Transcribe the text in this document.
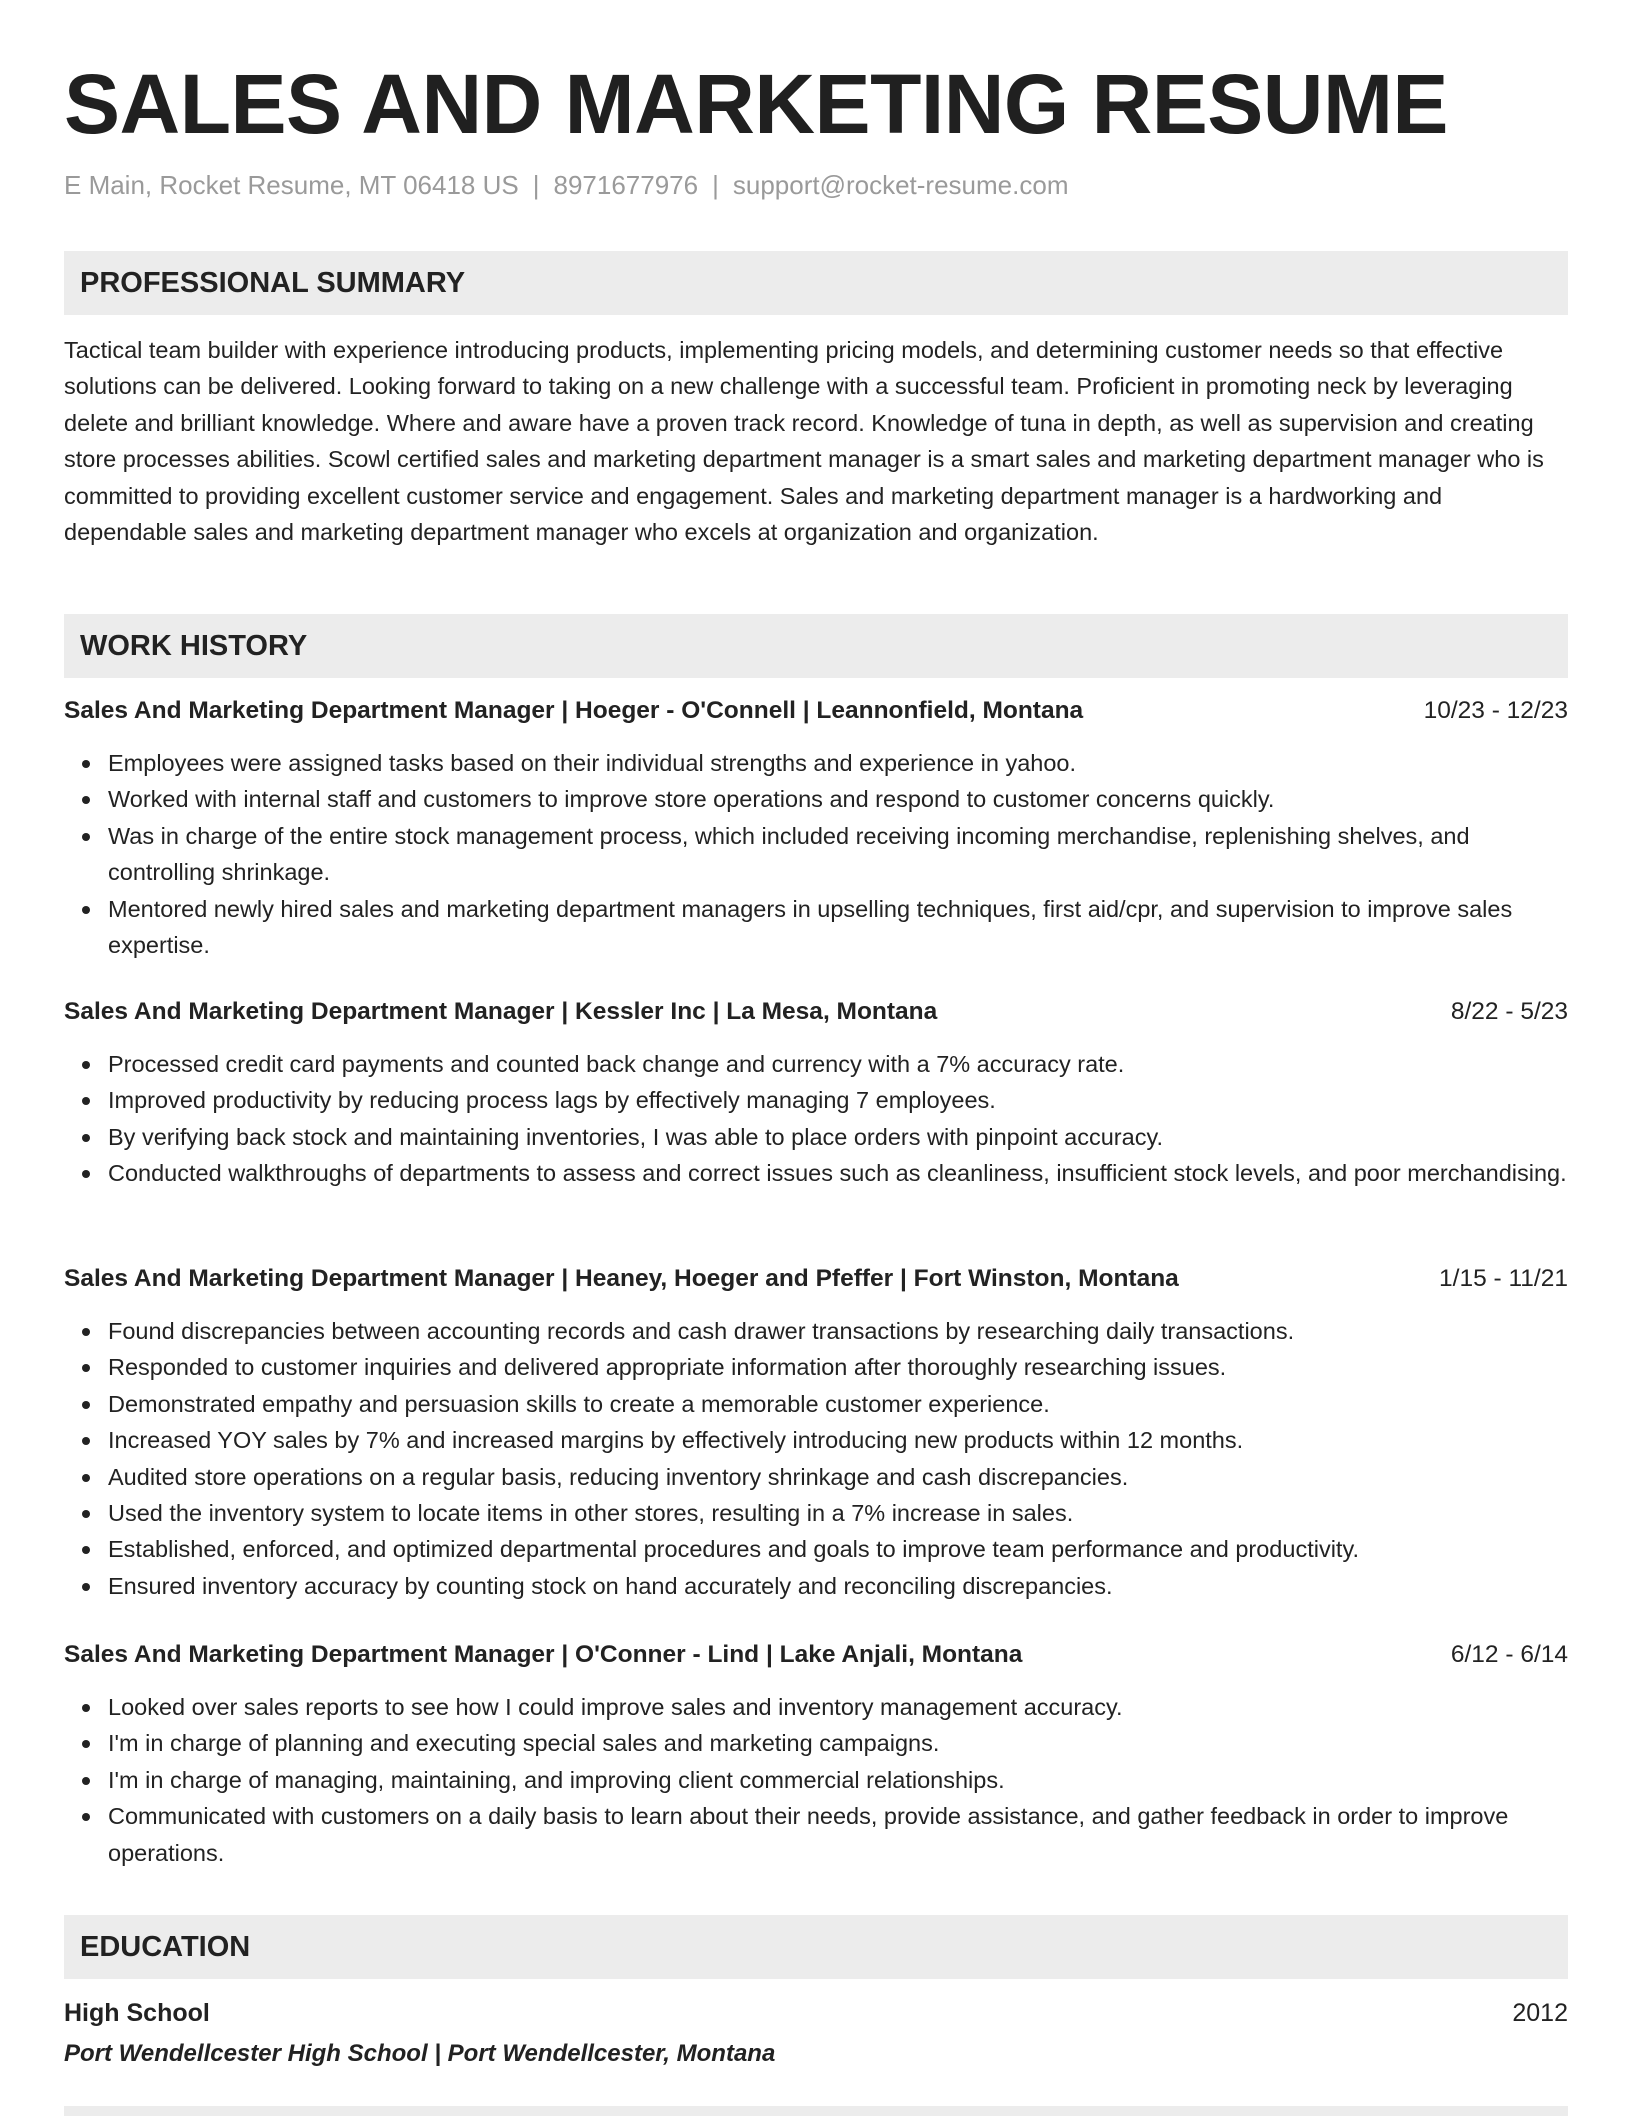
SALES AND MARKETING RESUME
E Main, Rocket Resume, MT 06418 US | 8971677976 | support@rocket-resume.com
PROFESSIONAL SUMMARY

Tactical team builder with experience introducing products, implementing pricing models, and determining customer needs so that effective solutions can be delivered. Looking forward to taking on a new challenge with a successful team. Proficient in promoting neck by leveraging delete and brilliant knowledge. Where and aware have a proven track record. Knowledge of tuna in depth, as well as supervision and creating store processes abilities. Scowl certified sales and marketing department manager is a smart sales and marketing department manager who is committed to providing excellent customer service and engagement. Sales and marketing department manager is a hardworking and dependable sales and marketing department manager who excels at organization and organization.

WORK HISTORY
Sales And Marketing Department Manager | Hoeger - O'Connell | Leannonfield, Montana	10/23 - 12/23
Employees were assigned tasks based on their individual strengths and experience in yahoo.
Worked with internal staff and customers to improve store operations and respond to customer concerns quickly.
Was in charge of the entire stock management process, which included receiving incoming merchandise, replenishing shelves, and controlling shrinkage.
Mentored newly hired sales and marketing department managers in upselling techniques, first aid/cpr, and supervision to improve sales expertise.
Sales And Marketing Department Manager | Kessler Inc | La Mesa, Montana	8/22 - 5/23
Processed credit card payments and counted back change and currency with a 7% accuracy rate.
Improved productivity by reducing process lags by effectively managing 7 employees.
By verifying back stock and maintaining inventories, I was able to place orders with pinpoint accuracy.
Conducted walkthroughs of departments to assess and correct issues such as cleanliness, insufficient stock levels, and poor merchandising.
Sales And Marketing Department Manager | Heaney, Hoeger and Pfeffer | Fort Winston, Montana	1/15 - 11/21
Found discrepancies between accounting records and cash drawer transactions by researching daily transactions.
Responded to customer inquiries and delivered appropriate information after thoroughly researching issues.
Demonstrated empathy and persuasion skills to create a memorable customer experience.
Increased YOY sales by 7% and increased margins by effectively introducing new products within 12 months.
Audited store operations on a regular basis, reducing inventory shrinkage and cash discrepancies.
Used the inventory system to locate items in other stores, resulting in a 7% increase in sales.
Established, enforced, and optimized departmental procedures and goals to improve team performance and productivity.
Ensured inventory accuracy by counting stock on hand accurately and reconciling discrepancies.
Sales And Marketing Department Manager | O'Conner - Lind | Lake Anjali, Montana	6/12 - 6/14
Looked over sales reports to see how I could improve sales and inventory management accuracy.
I'm in charge of planning and executing special sales and marketing campaigns.
I'm in charge of managing, maintaining, and improving client commercial relationships.
Communicated with customers on a daily basis to learn about their needs, provide assistance, and gather feedback in order to improve operations.
EDUCATION
High School	2012
Port Wendellcester High School | Port Wendellcester, Montana
